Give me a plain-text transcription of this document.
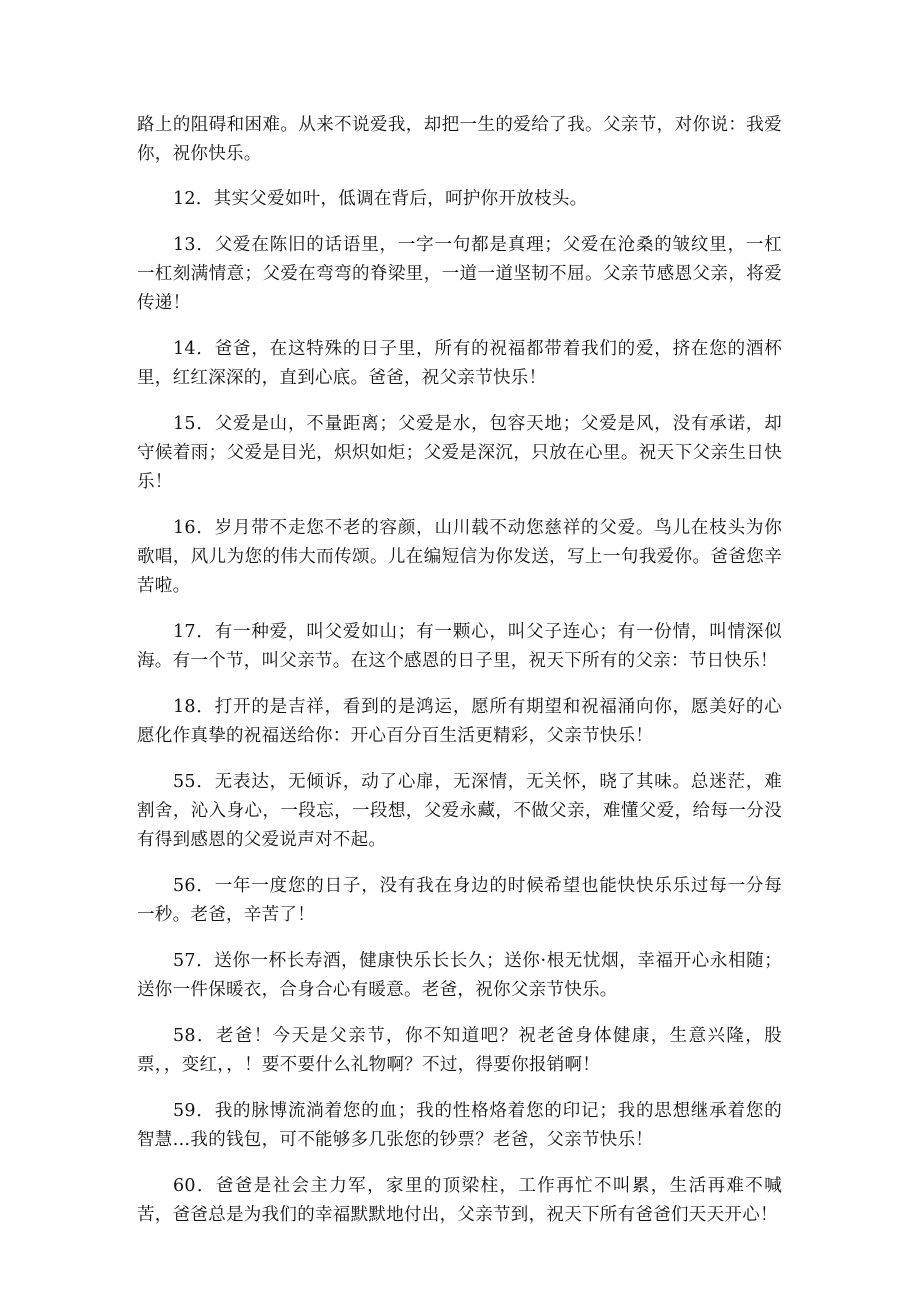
路上的阻碍和困难。从来不说爱我，却把一生的爱给了我。父亲节，对你说：我爱你，祝你快乐。

12．其实父爱如叶，低调在背后，呵护你开放枝头。

13．父爱在陈旧的话语里，一字一句都是真理；父爱在沧桑的皱纹里，一杠一杠刻满情意；父爱在弯弯的脊梁里，一道一道坚韧不屈。父亲节感恩父亲，将爱传递！

14．爸爸，在这特殊的日子里，所有的祝福都带着我们的爱，挤在您的酒杯里，红红深深的，直到心底。爸爸，祝父亲节快乐！

15．父爱是山，不量距离；父爱是水，包容天地；父爱是风，没有承诺，却守候着雨；父爱是目光，炽炽如炬；父爱是深沉，只放在心里。祝天下父亲生日快乐！

16．岁月带不走您不老的容颜，山川载不动您慈祥的父爱。鸟儿在枝头为你歌唱，风儿为您的伟大而传颂。儿在编短信为你发送，写上一句我爱你。爸爸您辛苦啦。

17．有一种爱，叫父爱如山；有一颗心，叫父子连心；有一份情，叫情深似海。有一个节，叫父亲节。在这个感恩的日子里，祝天下所有的父亲：节日快乐！

18．打开的是吉祥，看到的是鸿运，愿所有期望和祝福涌向你，愿美好的心愿化作真挚的祝福送给你：开心百分百生活更精彩，父亲节快乐！

55．无表达，无倾诉，动了心扉，无深情，无关怀，晓了其味。总迷茫，难割舍，沁入身心，一段忘，一段想，父爱永藏，不做父亲，难懂父爱，给每一分没有得到感恩的父爱说声对不起。

56．一年一度您的日子，没有我在身边的时候希望也能快快乐乐过每一分每一秒。老爸，辛苦了！

57．送你一杯长寿酒，健康快乐长长久；送你·根无忧烟，幸福开心永相随；送你一件保暖衣，合身合心有暖意。老爸，祝你父亲节快乐。

58．老爸！今天是父亲节，你不知道吧？祝老爸身体健康，生意兴隆，股票，，变红，，！要不要什么礼物啊？不过，得要你报销啊！

59．我的脉博流淌着您的血；我的性格烙着您的印记；我的思想继承着您的智慧…我的钱包，可不能够多几张您的钞票？老爸，父亲节快乐！

60．爸爸是社会主力军，家里的顶梁柱，工作再忙不叫累，生活再难不喊苦，爸爸总是为我们的幸福默默地付出，父亲节到，祝天下所有爸爸们天天开心！
